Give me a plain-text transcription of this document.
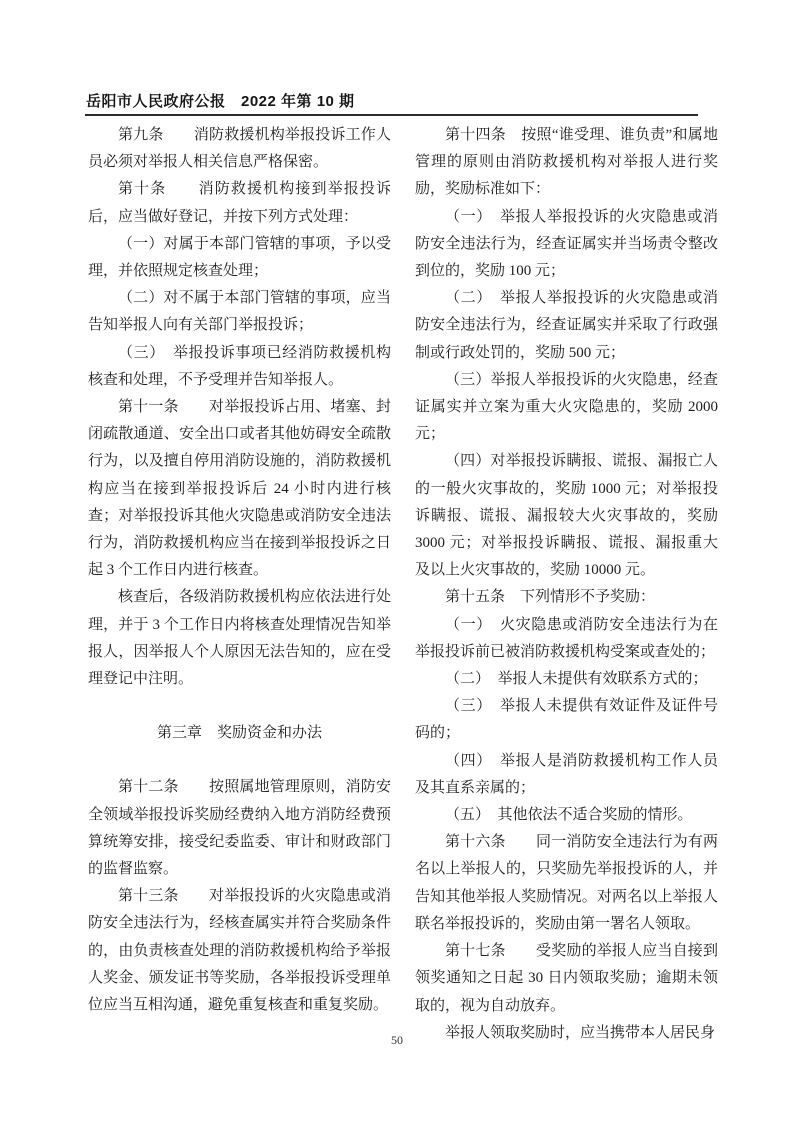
岳阳市人民政府公报　2022 年第 10 期

第九条　　消防救援机构举报投诉工作人员必须对举报人相关信息严格保密。

第十条　　消防救援机构接到举报投诉后，应当做好登记，并按下列方式处理：

（一）对属于本部门管辖的事项，予以受理，并依照规定核查处理；

（二）对不属于本部门管辖的事项，应当告知举报人向有关部门举报投诉；

（三）　举报投诉事项已经消防救援机构核查和处理，不予受理并告知举报人。

第十一条　　对举报投诉占用、堵塞、封闭疏散通道、安全出口或者其他妨碍安全疏散行为，以及擅自停用消防设施的，消防救援机构应当在接到举报投诉后 24 小时内进行核查；对举报投诉其他火灾隐患或消防安全违法行为，消防救援机构应当在接到举报投诉之日起 3 个工作日内进行核查。

核查后，各级消防救援机构应依法进行处理，并于 3 个工作日内将核查处理情况告知举报人，因举报人个人原因无法告知的，应在受理登记中注明。

第三章　奖励资金和办法

第十二条　　按照属地管理原则，消防安全领域举报投诉奖励经费纳入地方消防经费预算统筹安排，接受纪委监委、审计和财政部门的监督监察。

第十三条　　对举报投诉的火灾隐患或消防安全违法行为，经核查属实并符合奖励条件的，由负责核查处理的消防救援机构给予举报人奖金、颁发证书等奖励，各举报投诉受理单位应当互相沟通，避免重复核查和重复奖励。

第十四条　按照“谁受理、谁负责”和属地管理的原则由消防救援机构对举报人进行奖励，奖励标准如下：

（一）　举报人举报投诉的火灾隐患或消防安全违法行为，经查证属实并当场责令整改到位的，奖励 100 元；

（二）　举报人举报投诉的火灾隐患或消防安全违法行为，经查证属实并采取了行政强制或行政处罚的，奖励 500 元；

（三）举报人举报投诉的火灾隐患，经查证属实并立案为重大火灾隐患的，奖励 2000 元；

（四）对举报投诉瞒报、谎报、漏报亡人的一般火灾事故的，奖励 1000 元；对举报投诉瞒报、谎报、漏报较大火灾事故的，奖励 3000 元；对举报投诉瞒报、谎报、漏报重大及以上火灾事故的，奖励 10000 元。

第十五条　下列情形不予奖励：

（一）　火灾隐患或消防安全违法行为在举报投诉前已被消防救援机构受案或查处的；

（二）　举报人未提供有效联系方式的；

（三）　举报人未提供有效证件及证件号码的；

（四）　举报人是消防救援机构工作人员及其直系亲属的；

（五）　其他依法不适合奖励的情形。

第十六条　　同一消防安全违法行为有两名以上举报人的，只奖励先举报投诉的人，并告知其他举报人奖励情况。对两名以上举报人联名举报投诉的，奖励由第一署名人领取。

第十七条　　受奖励的举报人应当自接到领奖通知之日起 30 日内领取奖励；逾期未领取的，视为自动放弃。

举报人领取奖励时，应当携带本人居民身

50
